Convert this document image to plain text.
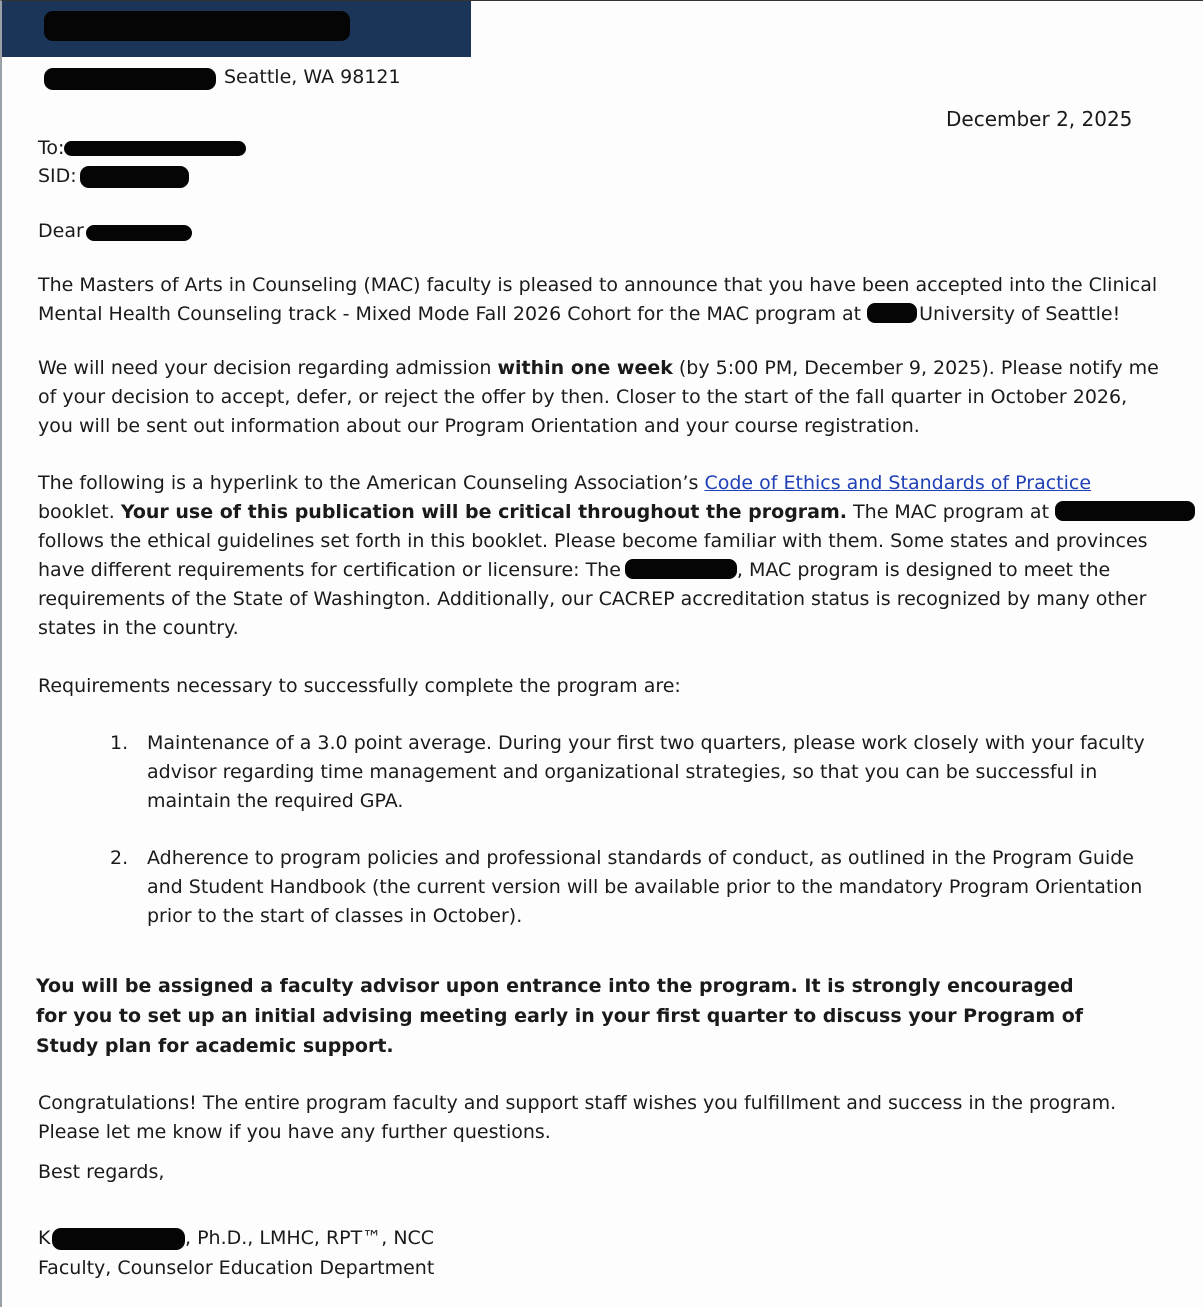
Seattle, WA 98121
December 2, 2025
To:
SID:
Dear
The Masters of Arts in Counseling (MAC) faculty is pleased to announce that you have been accepted into the Clinical
Mental Health Counseling track - Mixed Mode Fall 2026 Cohort for the MAC program at	University of Seattle!
We will need your decision regarding admission within one week (by 5:00 PM, December 9, 2025). Please notify me
of your decision to accept, defer, or reject the offer by then. Closer to the start of the fall quarter in October 2026,
you will be sent out information about our Program Orientation and your course registration.
The following is a hyperlink to the American Counseling Association’s Code of Ethics and Standards of Practice
booklet. Your use of this publication will be critical throughout the program. The MAC program at
follows the ethical guidelines set forth in this booklet. Please become familiar with them. Some states and provinces
have different requirements for certification or licensure: The	, MAC program is designed to meet the
requirements of the State of Washington. Additionally, our CACREP accreditation status is recognized by many other
states in the country.
Requirements necessary to successfully complete the program are:
1. Maintenance of a 3.0 point average. During your first two quarters, please work closely with your faculty
advisor regarding time management and organizational strategies, so that you can be successful in
maintain the required GPA.
2. Adherence to program policies and professional standards of conduct, as outlined in the Program Guide
and Student Handbook (the current version will be available prior to the mandatory Program Orientation
prior to the start of classes in October).
You will be assigned a faculty advisor upon entrance into the program. It is strongly encouraged
for you to set up an initial advising meeting early in your first quarter to discuss your Program of
Study plan for academic support.
Congratulations! The entire program faculty and support staff wishes you fulfillment and success in the program.
Please let me know if you have any further questions.
Best regards,
K	, Ph.D., LMHC, RPT™, NCC
Faculty, Counselor Education Department
